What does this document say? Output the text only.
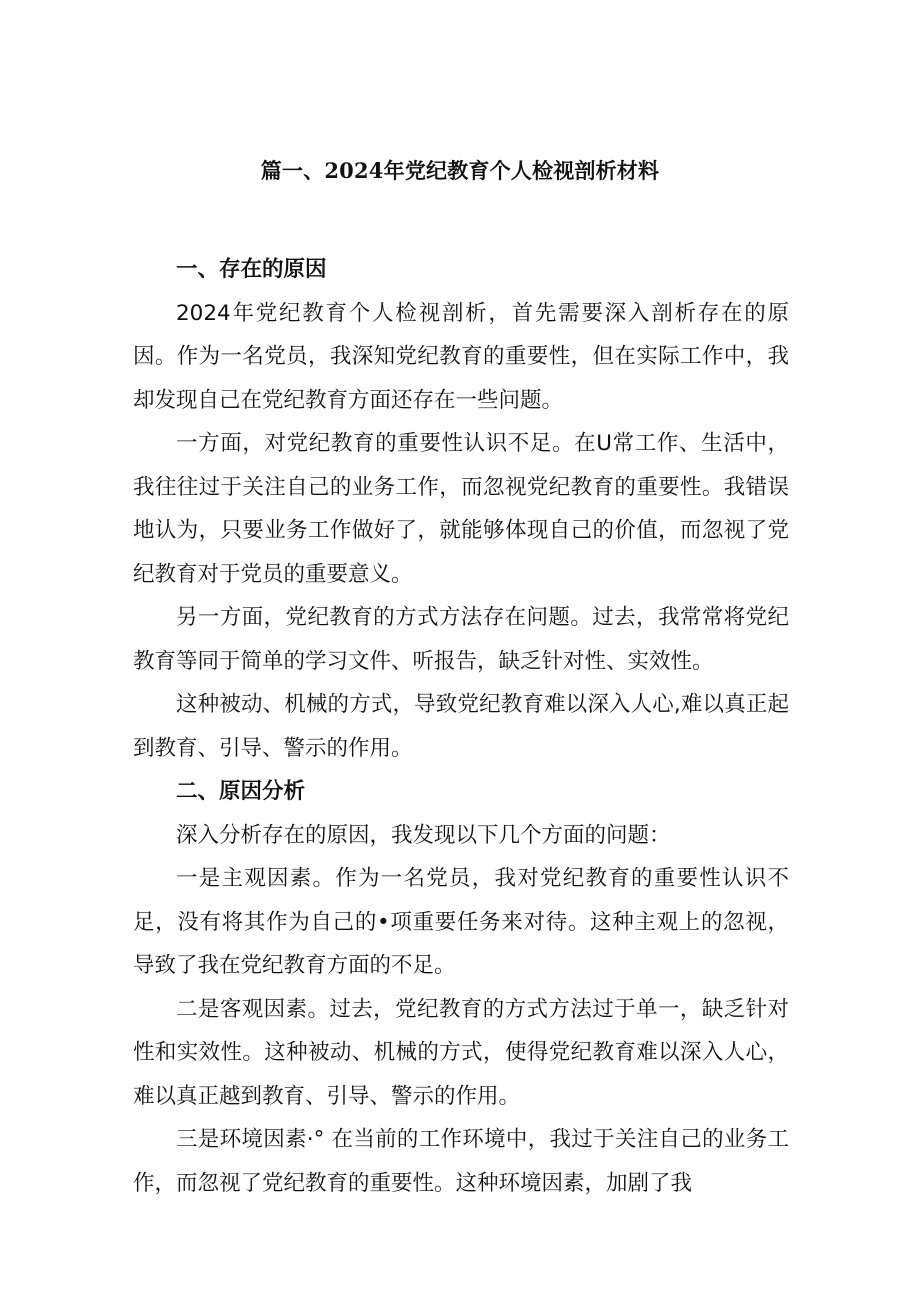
篇一、2024年党纪教育个人检视剖析材料

一、存在的原因

2024年党纪教育个人检视剖析，首先需要深入剖析存在的原因。作为一名党员，我深知党纪教育的重要性，但在实际工作中，我却发现自己在党纪教育方面还存在一些问题。

一方面，对党纪教育的重要性认识不足。在U常工作、生活中，我往往过于关注自己的业务工作，而忽视党纪教育的重要性。我错误地认为，只要业务工作做好了，就能够体现自己的价值，而忽视了党纪教育对于党员的重要意义。

另一方面，党纪教育的方式方法存在问题。过去，我常常将党纪教育等同于简单的学习文件、听报告，缺乏针对性、实效性。

这种被动、机械的方式，导致党纪教育难以深入人心,难以真正起到教育、引导、警示的作用。

二、原因分析

深入分析存在的原因，我发现以下几个方面的问题：

一是主观因素。作为一名党员，我对党纪教育的重要性认识不足，没有将其作为自己的•项重要任务来对待。这种主观上的忽视，导致了我在党纪教育方面的不足。

二是客观因素。过去，党纪教育的方式方法过于单一，缺乏针对性和实效性。这种被动、机械的方式，使得党纪教育难以深入人心，难以真正越到教育、引导、警示的作用。

三是环境因素·° 在当前的工作环境中，我过于关注自己的业务工作，而忽视了党纪教育的重要性。这种环境因素，加剧了我
